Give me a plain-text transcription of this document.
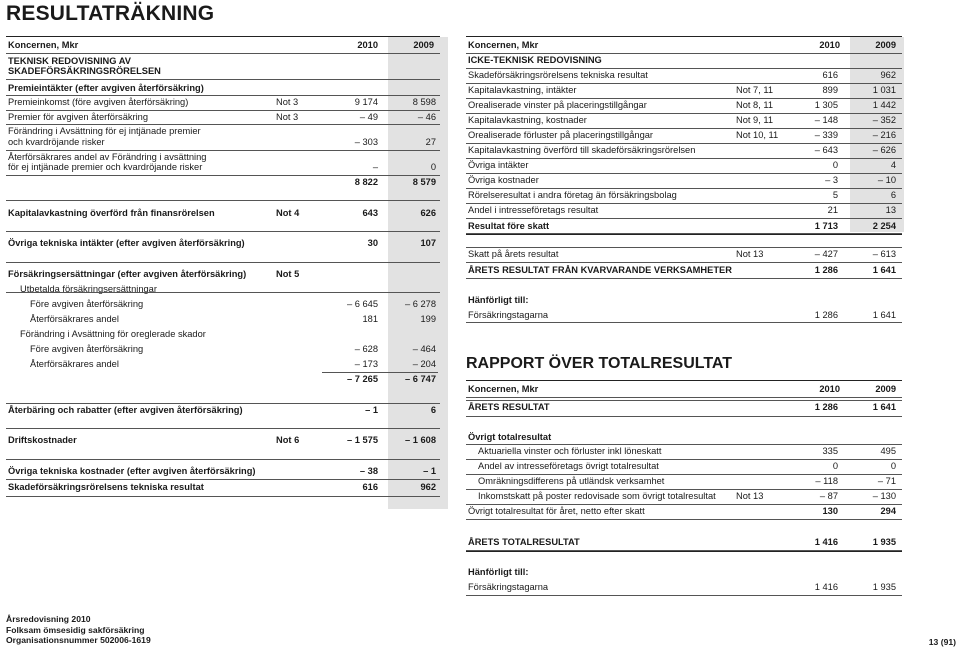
RESULTATRÄKNING
Koncernen, Mkr	2010	2009
TEKNISK REDOVISNING AV
SKADEFÖRSÄKRINGSRÖRELSEN
Premieintäkter (efter avgiven återförsäkring)
Premieinkomst (före avgiven återförsäkring)	Not 3	9 174	8 598
Premier för avgiven återförsäkring	Not 3	– 49	– 46
Förändring i Avsättning för ej intjänade premier
och kvardröjande risker	– 303	27
Återförsäkrares andel av Förändring i avsättning
för ej intjänade premier och kvardröjande risker	–	0
8 822	8 579
Kapitalavkastning överförd från finansrörelsen	Not 4	643	626
Övriga tekniska intäkter (efter avgiven återförsäkring)	30	107
Försäkringsersättningar (efter avgiven återförsäkring)	Not 5
Utbetalda försäkringsersättningar
Före avgiven återförsäkring	– 6 645	– 6 278
Återförsäkrares andel	181	199
Förändring i Avsättning för oreglerade skador
Före avgiven återförsäkring	– 628	– 464
Återförsäkrares andel	– 173	– 204
– 7 265	– 6 747
Återbäring och rabatter (efter avgiven återförsäkring)	– 1	6
Driftskostnader	Not 6	– 1 575	– 1 608
Övriga tekniska kostnader (efter avgiven återförsäkring)	– 38	– 1
Skadeförsäkringsrörelsens tekniska resultat	616	962
Koncernen, Mkr	2010	2009
ICKE-TEKNISK REDOVISNING
Skadeförsäkringsrörelsens tekniska resultat	616	962
Kapitalavkastning, intäkter	Not 7, 11	899	1 031
Orealiserade vinster på placeringstillgångar	Not 8, 11	1 305	1 442
Kapitalavkastning, kostnader	Not 9, 11	– 148	– 352
Orealiserade förluster på placeringstillgångar	Not 10, 11	– 339	– 216
Kapitalavkastning överförd till skadeförsäkringsrörelsen	– 643	– 626
Övriga intäkter	0	4
Övriga kostnader	– 3	– 10
Rörelseresultat i andra företag än försäkringsbolag	5	6
Andel i intresseföretags resultat	21	13
Resultat före skatt	1 713	2 254
Skatt på årets resultat	Not 13	– 427	– 613
ÅRETS RESULTAT FRÅN KVARVARANDE VERKSAMHETER	1 286	1 641
Hänförligt till:
Försäkringstagarna	1 286	1 641
Koncernen, Mkr	2010	2009
ÅRETS RESULTAT	1 286	1 641
Övrigt totalresultat
Aktuariella vinster och förluster inkl löneskatt	335	495
Andel av intresseföretags övrigt totalresultat	0	0
Omräkningsdifferens på utländsk verksamhet	– 118	– 71
Inkomstskatt på poster redovisade som övrigt totalresultat Not 13	– 87	– 130
Övrigt totalresultat för året, netto efter skatt	130	294
ÅRETS TOTALRESULTAT	1 416	1 935
Hänförligt till:
Försäkringstagarna	1 416	1 935
RAPPORT ÖVER TOTALRESULTAT
Årsredovisning 2010
Folksam ömsesidig sakförsäkring
Organisationsnummer 502006-1619	13 (91)
